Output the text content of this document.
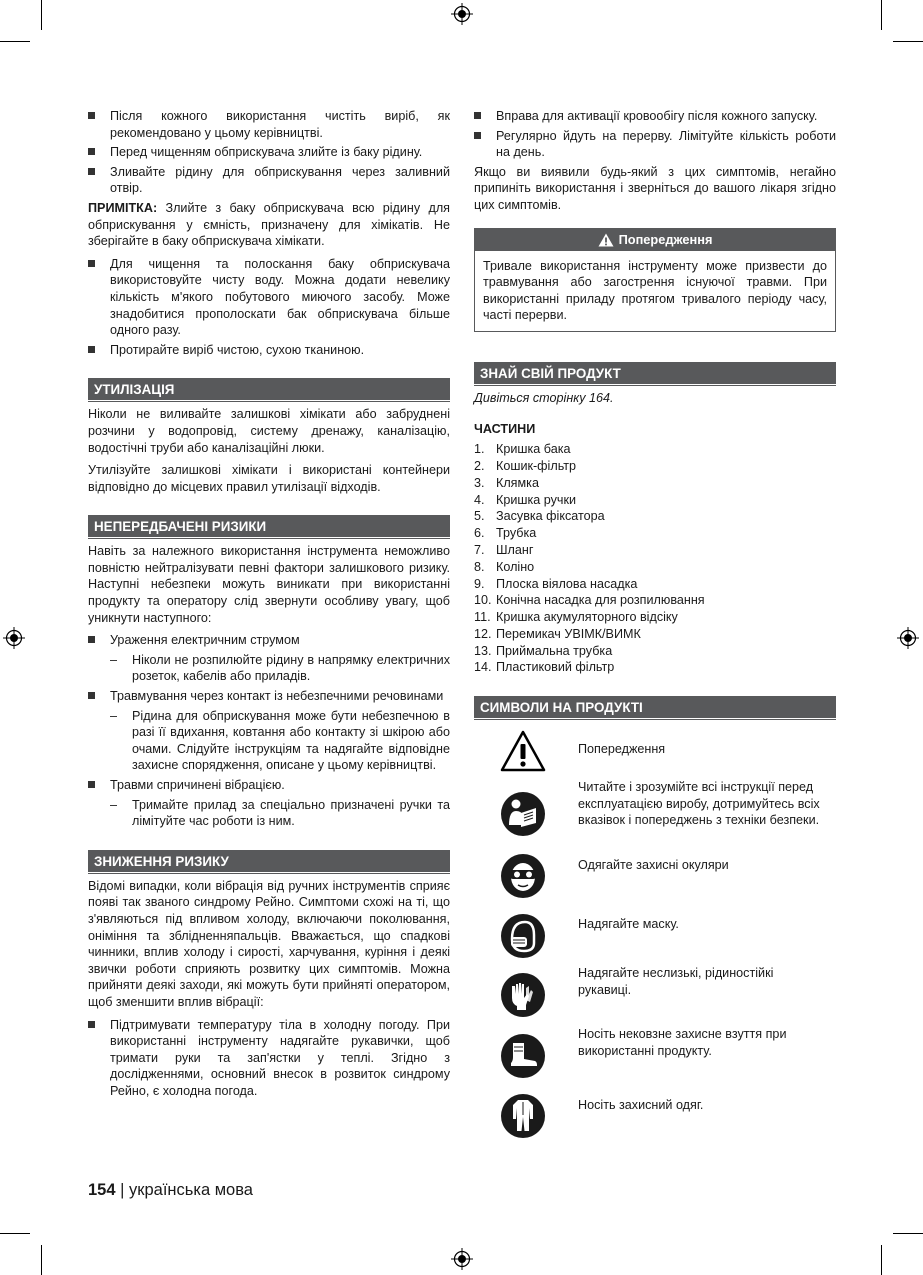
Після кожного використання чистіть виріб, як рекомендовано у цьому керівництві.
Перед чищенням обприскувача злийте із баку рідину.
Зливайте рідину для обприскування через заливний отвір.

ПРИМІТКА: Злийте з баку обприскувача всю рідину для обприскування у ємність, призначену для хімікатів. Не зберігайте в баку обприскувача хімікати.

Для чищення та полоскання баку обприскувача використовуйте чисту воду. Можна додати невелику кількість м'якого побутового миючого засобу. Може знадобитися прополоскати бак обприскувача більше одного разу.
Протирайте виріб чистою, сухою тканиною.
УТИЛІЗАЦІЯ

Ніколи не виливайте залишкові хімікати або забруднені розчини у водопровід, систему дренажу, каналізацію, водостічні труби або каналізаційні люки.

Утилізуйте залишкові хімікати і використані контейнери відповідно до місцевих правил утилізації відходів.

НЕПЕРЕДБАЧЕНІ РИЗИКИ

Навіть за належного використання інструмента неможливо повністю нейтралізувати певні фактори залишкового ризику. Наступні небезпеки можуть виникати при використанні продукту та оператору слід звернути особливу увагу, щоб уникнути наступного:

Ураження електричним струмом
– Ніколи не розпилюйте рідину в напрямку електричних розеток, кабелів або приладів.
Травмування через контакт із небезпечними речовинами
– Рідина для обприскування може бути небезпечною в разі її вдихання, ковтання або контакту зі шкірою або очами. Слідуйте інструкціям та надягайте відповідне захисне спорядження, описане у цьому керівництві.
Травми спричинені вібрацією.
– Тримайте прилад за спеціально призначені ручки та лімітуйте час роботи із ним.
ЗНИЖЕННЯ РИЗИКУ

Відомі випадки, коли вібрація від ручних інструментів сприяє появі так званого синдрому Рейно. Симптоми схожі на ті, що з'являються під впливом холоду, включаючи поколювання, оніміння та зблідненняпальців. Вважається, що спадкові чинники, вплив холоду і сирості, харчування, куріння і деякі звички роботи сприяють розвитку цих симптомів. Можна прийняти деякі заходи, які можуть бути прийняті оператором, щоб зменшити вплив вібрації:

Підтримувати температуру тіла в холодну погоду. При використанні інструменту надягайте рукавички, щоб тримати руки та зап'ястки у теплі. Згідно з дослідженнями, основний внесок в розвиток синдрому Рейно, є холодна погода.
Вправа для активації кровообігу після кожного запуску.
Регулярно йдуть на перерву. Лімітуйте кількість роботи на день.

Якщо ви виявили будь-який з цих симптомів, негайно припиніть використання і зверніться до вашого лікаря згідно цих симптомів.

Попередження
Тривале використання інструменту може призвести до травмування або загострення існуючої травми. При використанні приладу протягом тривалого періоду часу, часті перерви.
ЗНАЙ СВІЙ ПРОДУКТ

Дивіться сторінку 164.

ЧАСТИНИ
1. Кришка бака
2. Кошик-фільтр
3. Клямка
4. Кришка ручки
5. Засувка фіксатора
6. Трубка
7. Шланг
8. Коліно
9. Плоска віялова насадка
10. Конічна насадка для розпилювання
11. Кришка акумуляторного відсіку
12. Перемикач УВІМК/ВИМК
13. Приймальна трубка
14. Пластиковий фільтр
СИМВОЛИ НА ПРОДУКТІ
Попередження
Читайте і зрозумійте всі інструкції перед експлуатацією виробу, дотримуйтесь всіх вказівок і попереджень з техніки безпеки.
Одягайте захисні окуляри
Надягайте маску.
Надягайте неслизькі, рідиностійкі рукавиці.
Носіть нековзне захисне взуття при використанні продукту.
Носіть захисний одяг.
154 | українська мова
